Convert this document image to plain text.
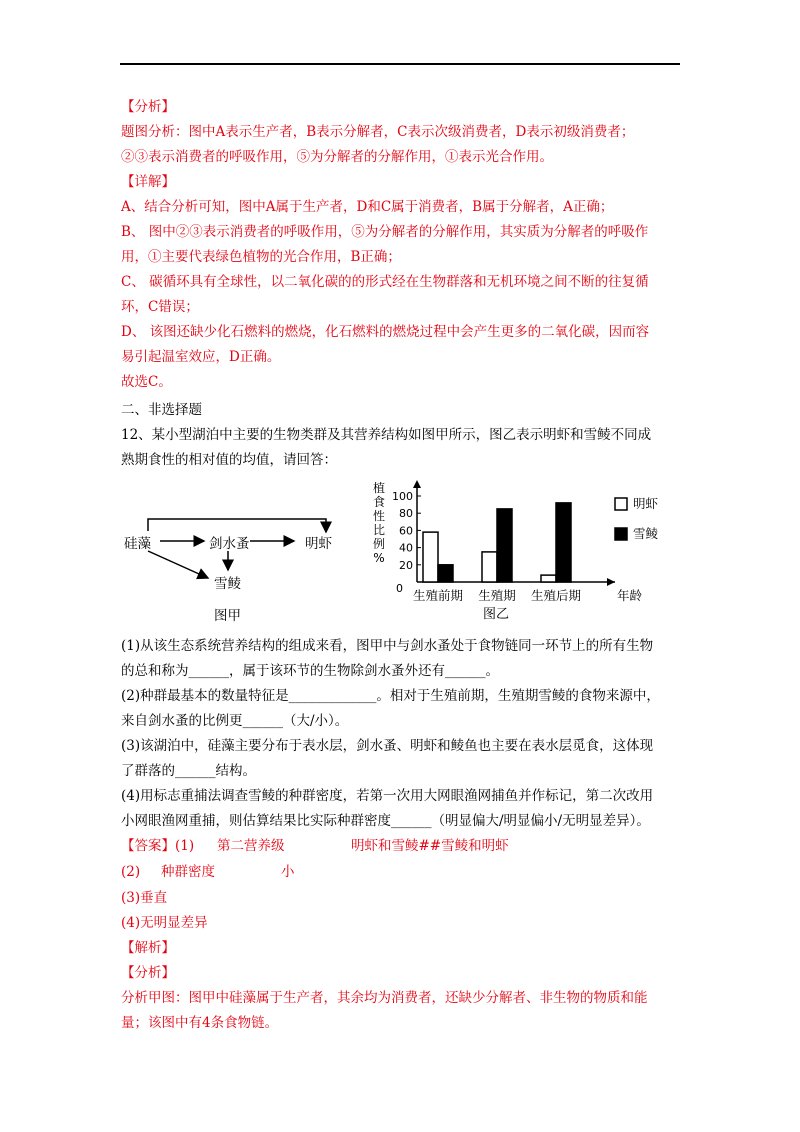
【分析】
题图分析：图中A表示生产者，B表示分解者，C表示次级消费者，D表示初级消费者；
②③表示消费者的呼吸作用，⑤为分解者的分解作用，①表示光合作用。
【详解】
A、结合分析可知，图中A属于生产者，D和C属于消费者，B属于分解者，A正确；
B、 图中②③表示消费者的呼吸作用，⑤为分解者的分解作用，其实质为分解者的呼吸作
用，①主要代表绿色植物的光合作用，B正确；
C、 碳循环具有全球性，以二氧化碳的的形式经在生物群落和无机环境之间不断的往复循
环，C错误；
D、 该图还缺少化石燃料的燃烧，化石燃料的燃烧过程中会产生更多的二氧化碳，因而容
易引起温室效应，D正确。
故选C。
二、非选择题
12、某小型湖泊中主要的生物类群及其营养结构如图甲所示，图乙表示明虾和雪鲮不同成
熟期食性的相对值的均值，请回答：
硅藻	剑水蚤	明虾
雪鲮
图甲
植
食
性
比
例
%
0
20
40
60
80
100
生殖前期 生殖期 生殖后期	年龄
图乙
明虾
雪鲮
(1)从该生态系统营养结构的组成来看，图甲中与剑水蚤处于食物链同一环节上的所有生物
的总和称为______，属于该环节的生物除剑水蚤外还有______。
(2)种群最基本的数量特征是_____________。相对于生殖前期，生殖期雪鲮的食物来源中，
来自剑水蚤的比例更______（大/小）。
(3)该湖泊中，硅藻主要分布于表水层，剑水蚤、明虾和鲮鱼也主要在表水层觅食，这体现
了群落的______结构。
(4)用标志重捕法调查雪鲮的种群密度，若第一次用大网眼渔网捕鱼并作标记，第二次改用
小网眼渔网重捕，则估算结果比实际种群密度______（明显偏大/明显偏小/无明显差异）。
【答案】(1) 第二营养级	明虾和雪鲮##雪鲮和明虾
(2) 种群密度	小
(3)垂直
(4)无明显差异
【解析】
【分析】
分析甲图：图甲中硅藻属于生产者，其余均为消费者，还缺少分解者、非生物的物质和能
量；该图中有4条食物链。
